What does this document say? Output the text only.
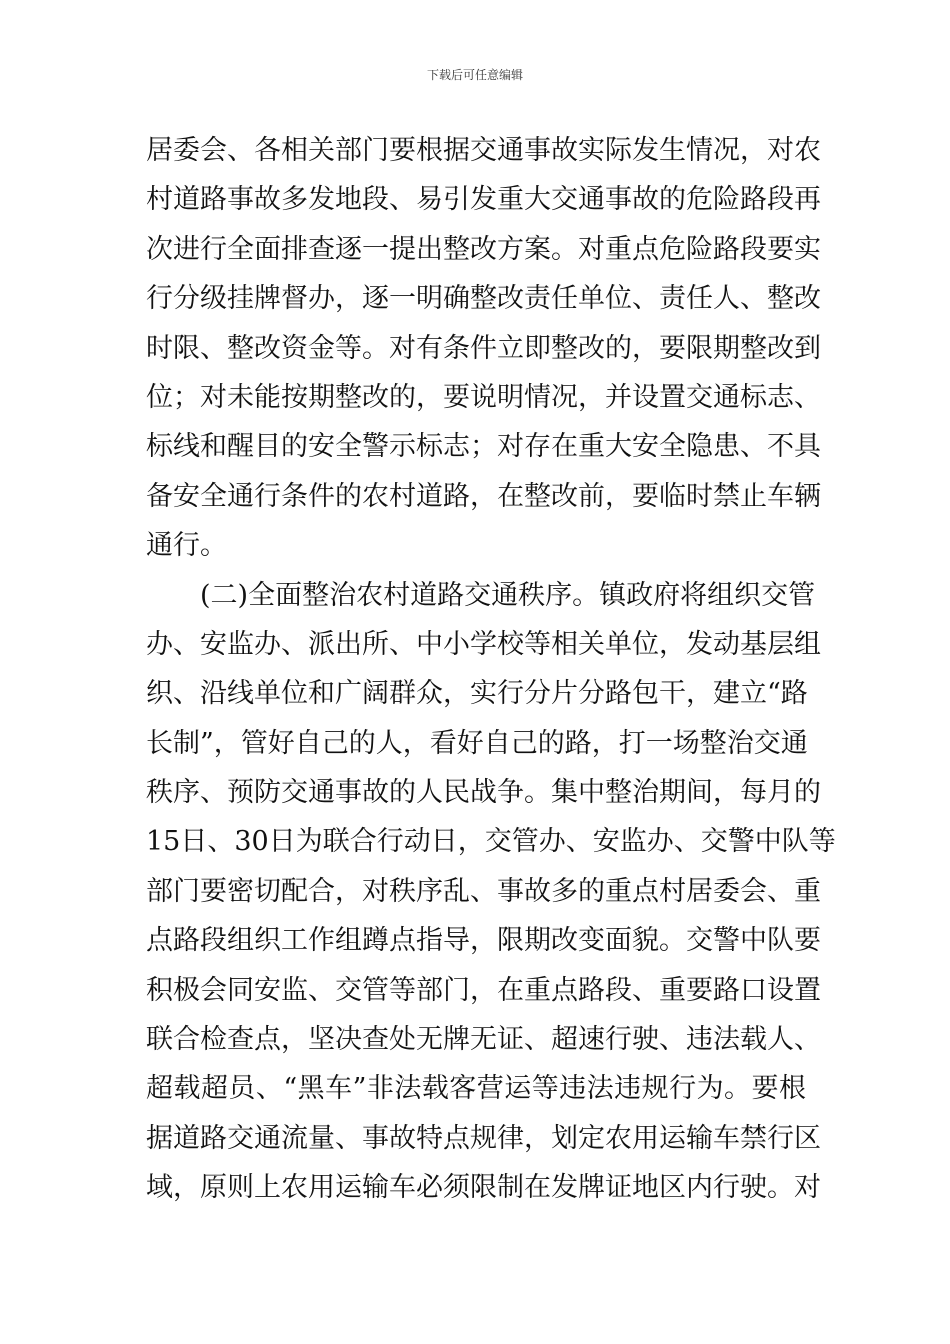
下载后可任意编辑
居委会、各相关部门要根据交通事故实际发生情况，对农
村道路事故多发地段、易引发重大交通事故的危险路段再
次进行全面排查逐一提出整改方案。对重点危险路段要实
行分级挂牌督办，逐一明确整改责任单位、责任人、整改
时限、整改资金等。对有条件立即整改的，要限期整改到
位；对未能按期整改的，要说明情况，并设置交通标志、
标线和醒目的安全警示标志；对存在重大安全隐患、不具
备安全通行条件的农村道路，在整改前，要临时禁止车辆
通行。
(二)全面整治农村道路交通秩序。镇政府将组织交管
办、安监办、派出所、中小学校等相关单位，发动基层组
织、沿线单位和广阔群众，实行分片分路包干，建立“路
长制”，管好自己的人，看好自己的路，打一场整治交通
秩序、预防交通事故的人民战争。集中整治期间，每月的
15日、30日为联合行动日，交管办、安监办、交警中队等
部门要密切配合，对秩序乱、事故多的重点村居委会、重
点路段组织工作组蹲点指导，限期改变面貌。交警中队要
积极会同安监、交管等部门，在重点路段、重要路口设置
联合检查点，坚决查处无牌无证、超速行驶、违法载人、
超载超员、“黑车”非法载客营运等违法违规行为。要根
据道路交通流量、事故特点规律，划定农用运输车禁行区
域，原则上农用运输车必须限制在发牌证地区内行驶。对
